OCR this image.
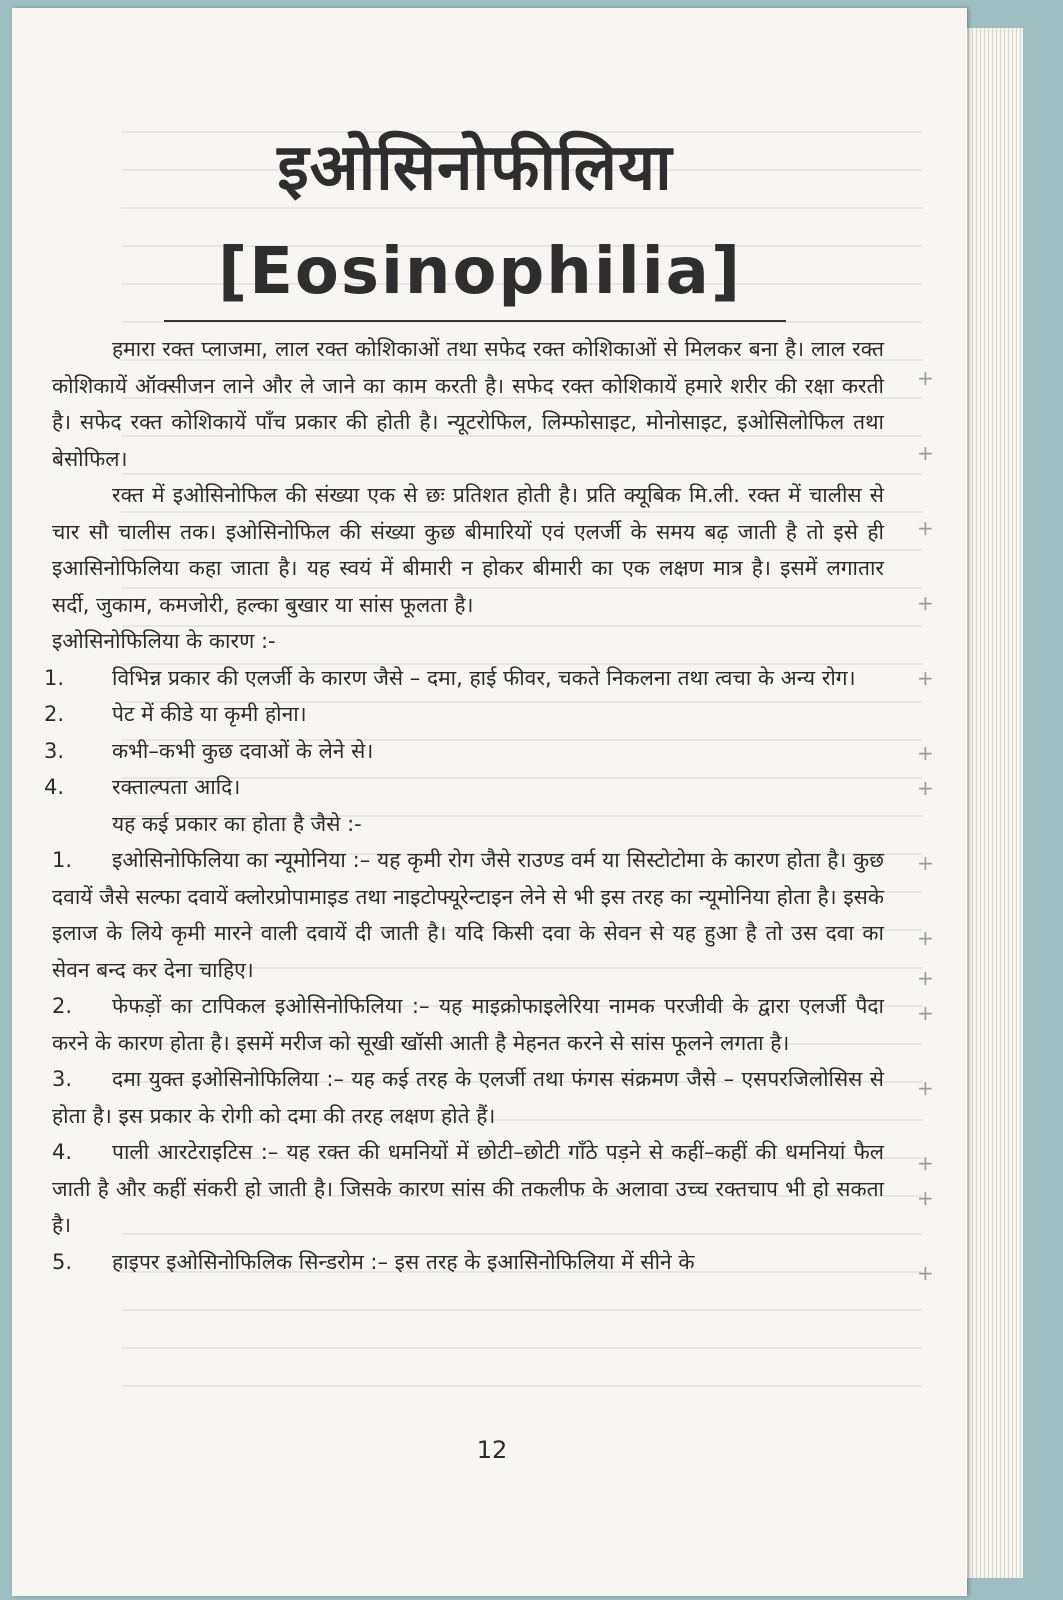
इओसिनोफीलिया
[Eosinophilia]

हमारा रक्त प्लाजमा, लाल रक्त कोशिकाओं तथा सफेद रक्त कोशिकाओं से मिलकर बना है। लाल रक्त कोशिकायें ऑक्सीजन लाने और ले जाने का काम करती है। सफेद रक्त कोशिकायें हमारे शरीर की रक्षा करती है। सफेद रक्त कोशिकायें पाँच प्रकार की होती है। न्यूटरोफिल, लिम्फोसाइट, मोनोसाइट, इओसिलोफिल तथा बेसोफिल।

रक्त में इओसिनोफिल की संख्या एक से छः प्रतिशत होती है। प्रति क्यूबिक मि.ली. रक्त में चालीस से चार सौ चालीस तक। इओसिनोफिल की संख्या कुछ बीमारियों एवं एलर्जी के समय बढ़ जाती है तो इसे ही इआसिनोफिलिया कहा जाता है। यह स्वयं में बीमारी न होकर बीमारी का एक लक्षण मात्र है। इसमें लगातार सर्दी, जुकाम, कमजोरी, हल्का बुखार या सांस फूलता है।

इओसिनोफिलिया के कारण :-

1. विभिन्न प्रकार की एलर्जी के कारण जैसे – दमा, हाई फीवर, चकते निकलना तथा त्वचा के अन्य रोग।

2. पेट में कीडे या कृमी होना।

3. कभी–कभी कुछ दवाओं के लेने से।

4. रक्ताल्पता आदि।

यह कई प्रकार का होता है जैसे :-

1. इओसिनोफिलिया का न्यूमोनिया :– यह कृमी रोग जैसे राउण्ड वर्म या सिस्टोटोमा के कारण होता है। कुछ दवायें जैसे सल्फा दवायें क्लोरप्रोपामाइड तथा नाइटोफ्यूरेन्टाइन लेने से भी इस तरह का न्यूमोनिया होता है। इसके इलाज के लिये कृमी मारने वाली दवायें दी जाती है। यदि किसी दवा के सेवन से यह हुआ है तो उस दवा का सेवन बन्द कर देना चाहिए।

2. फेफड़ों का टापिकल इओसिनोफिलिया :– यह माइक्रोफाइलेरिया नामक परजीवी के द्वारा एलर्जी पैदा करने के कारण होता है। इसमें मरीज को सूखी खॉसी आती है मेहनत करने से सांस फूलने लगता है।

3. दमा युक्त इओसिनोफिलिया :– यह कई तरह के एलर्जी तथा फंगस संक्रमण जैसे – एसपरजिलोसिस से होता है। इस प्रकार के रोगी को दमा की तरह लक्षण होते हैं।

4. पाली आरटेराइटिस :– यह रक्त की धमनियों में छोटी–छोटी गाँठे पड़ने से कहीं–कहीं की धमनियां फैल जाती है और कहीं संकरी हो जाती है। जिसके कारण सांस की तकलीफ के अलावा उच्च रक्तचाप भी हो सकता है।

5. हाइपर इओसिनोफिलिक सिन्डरोम :– इस तरह के इआसिनोफिलिया में सीने के

+
+
+
+
+
+
+
+
+
+
+
+
+
+
+
12
